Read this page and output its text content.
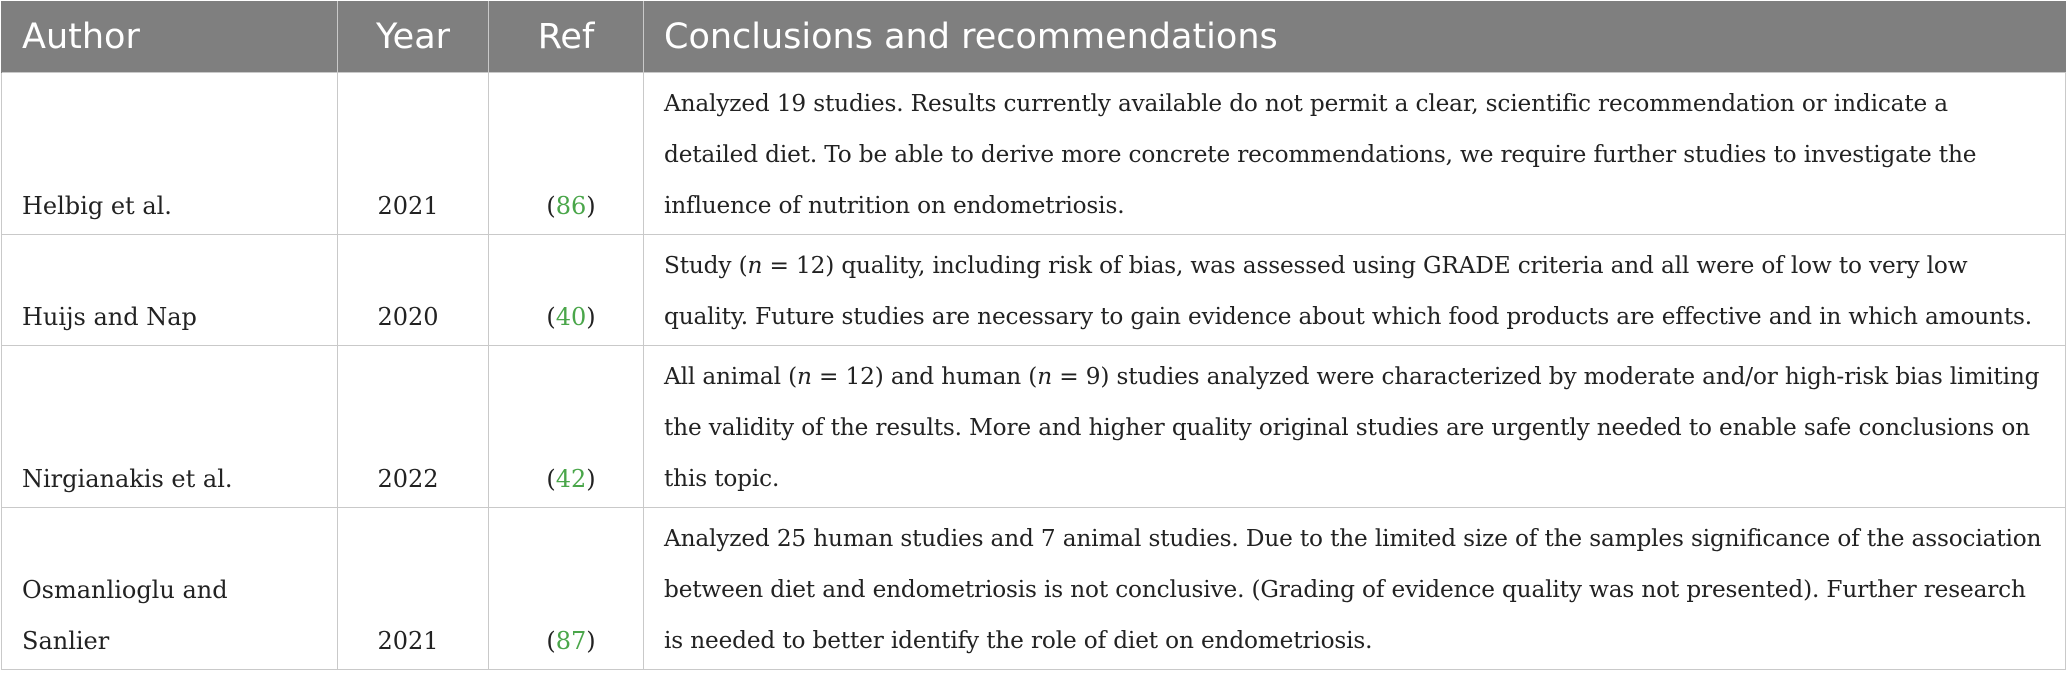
Author	Year	Ref	Conclusions and recommendations
Helbig et al.	2021	(86)	Analyzed 19 studies. Results currently available do not permit a clear, scientific recommendation or indicate a detailed diet. To be able to derive more concrete recommendations, we require further studies to investigate the influence of nutrition on endometriosis.
Huijs and Nap	2020	(40)	Study (n = 12) quality, including risk of bias, was assessed using GRADE criteria and all were of low to very low quality. Future studies are necessary to gain evidence about which food products are effective and in which amounts.
Nirgianakis et al.	2022	(42)	All animal (n = 12) and human (n = 9) studies analyzed were characterized by moderate and/or high-risk bias limiting the validity of the results. More and higher quality original studies are urgently needed to enable safe conclusions on this topic.
Osmanlioglu and Sanlier	2021	(87)	Analyzed 25 human studies and 7 animal studies. Due to the limited size of the samples significance of the association between diet and endometriosis is not conclusive. (Grading of evidence quality was not presented). Further research is needed to better identify the role of diet on endometriosis.
